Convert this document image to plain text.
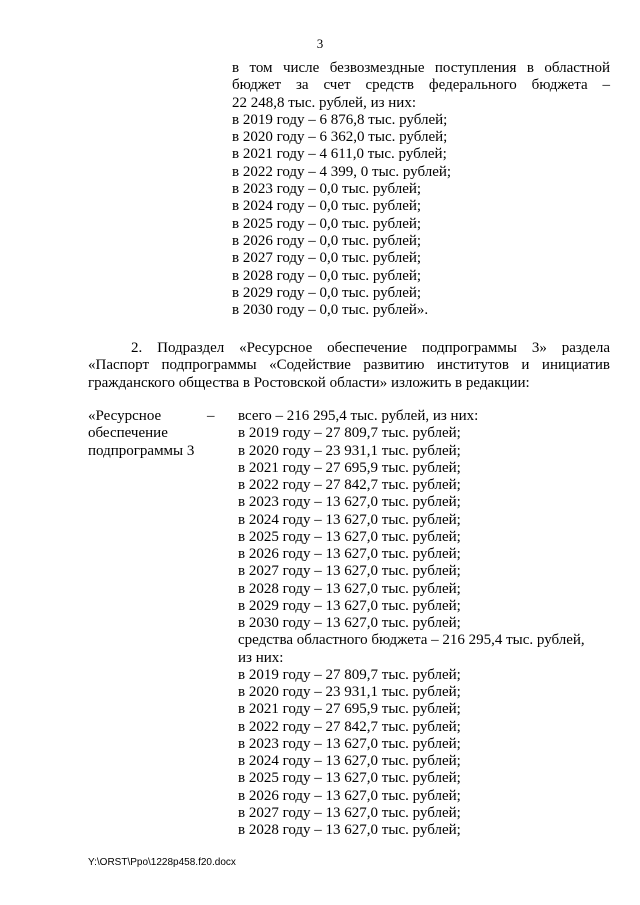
3
в том числе безвозмездные поступления в областной
бюджет за счет средств федерального бюджета –
22 248,8 тыс. рублей, из них:
в 2019 году – 6 876,8 тыс. рублей;
в 2020 году – 6 362,0 тыс. рублей;
в 2021 году – 4 611,0 тыс. рублей;
в 2022 году – 4 399, 0 тыс. рублей;
в 2023 году – 0,0 тыс. рублей;
в 2024 году – 0,0 тыс. рублей;
в 2025 году – 0,0 тыс. рублей;
в 2026 году – 0,0 тыс. рублей;
в 2027 году – 0,0 тыс. рублей;
в 2028 году – 0,0 тыс. рублей;
в 2029 году – 0,0 тыс. рублей;
в 2030 году – 0,0 тыс. рублей».
2. Подраздел «Ресурсное обеспечение подпрограммы 3» раздела
«Паспорт подпрограммы «Содействие развитию институтов и инициатив
гражданского общества в Ростовской области» изложить в редакции:
«Ресурсное
обеспечение
подпрограммы 3
– всего – 216 295,4 тыс. рублей, из них:
в 2019 году – 27 809,7 тыс. рублей;
в 2020 году – 23 931,1 тыс. рублей;
в 2021 году – 27 695,9 тыс. рублей;
в 2022 году – 27 842,7 тыс. рублей;
в 2023 году – 13 627,0 тыс. рублей;
в 2024 году – 13 627,0 тыс. рублей;
в 2025 году – 13 627,0 тыс. рублей;
в 2026 году – 13 627,0 тыс. рублей;
в 2027 году – 13 627,0 тыс. рублей;
в 2028 году – 13 627,0 тыс. рублей;
в 2029 году – 13 627,0 тыс. рублей;
в 2030 году – 13 627,0 тыс. рублей;
средства областного бюджета – 216 295,4 тыс. рублей,
из них:
в 2019 году – 27 809,7 тыс. рублей;
в 2020 году – 23 931,1 тыс. рублей;
в 2021 году – 27 695,9 тыс. рублей;
в 2022 году – 27 842,7 тыс. рублей;
в 2023 году – 13 627,0 тыс. рублей;
в 2024 году – 13 627,0 тыс. рублей;
в 2025 году – 13 627,0 тыс. рублей;
в 2026 году – 13 627,0 тыс. рублей;
в 2027 году – 13 627,0 тыс. рублей;
в 2028 году – 13 627,0 тыс. рублей;
Y:\ORST\Ppo\1228p458.f20.docx
